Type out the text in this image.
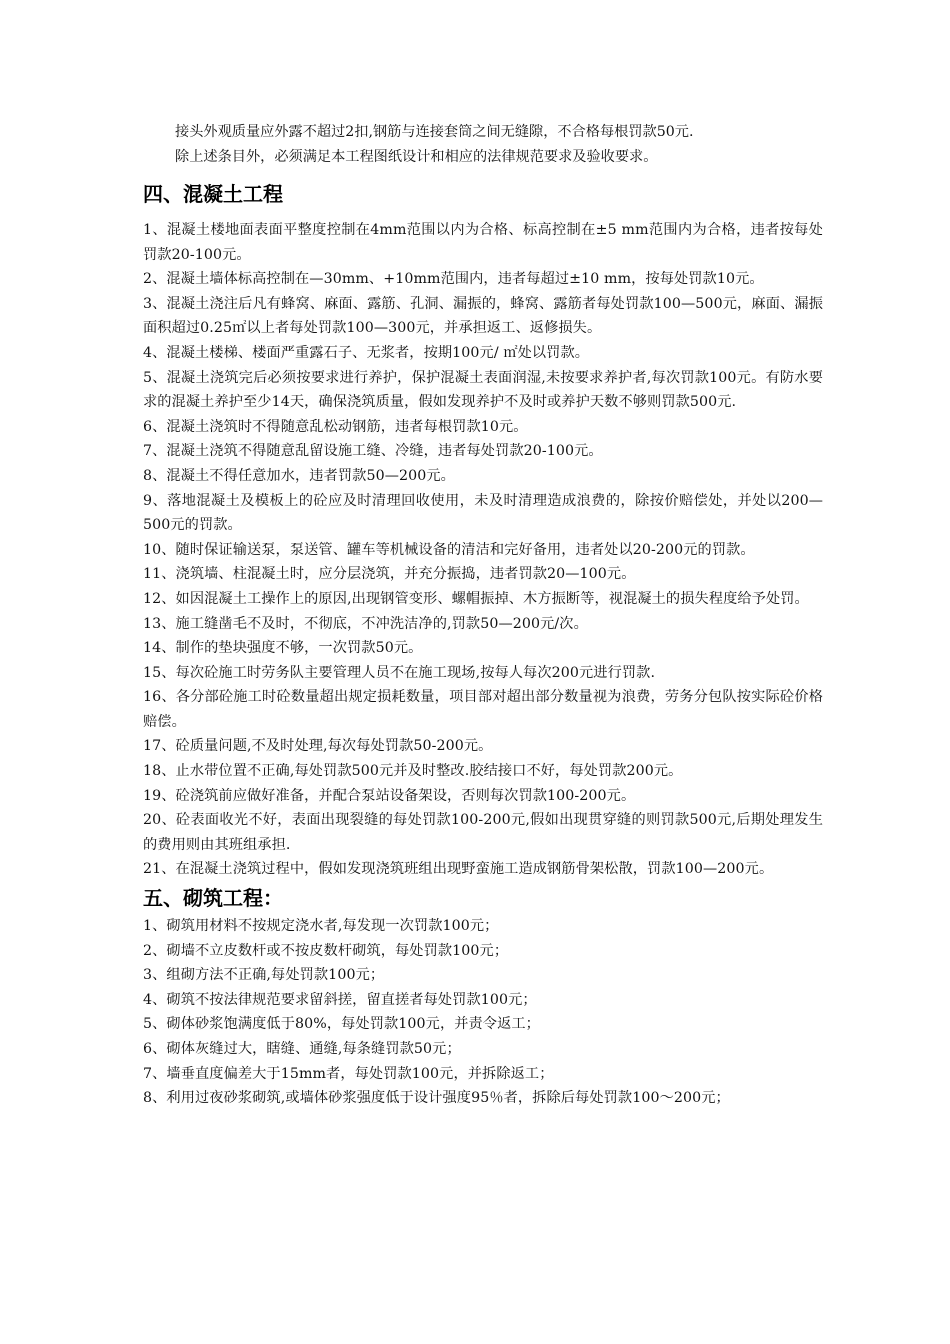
接头外观质量应外露不超过2扣,钢筋与连接套筒之间无缝隙，不合格每根罚款50元.

除上述条目外，必须满足本工程图纸设计和相应的法律规范要求及验收要求。

四、混凝土工程

1、混凝土楼地面表面平整度控制在4mm范围以内为合格、标高控制在±5 mm范围内为合格，违者按每处罚款20-100元。

2、混凝土墙体标高控制在—30mm、+10mm范围内，违者每超过±10 mm，按每处罚款10元。

3、混凝土浇注后凡有蜂窝、麻面、露筋、孔洞、漏振的，蜂窝、露筋者每处罚款100—500元，麻面、漏振面积超过0.25㎡以上者每处罚款100—300元，并承担返工、返修损失。

4、混凝土楼梯、楼面严重露石子、无浆者，按期100元/ ㎡处以罚款。

5、混凝土浇筑完后必须按要求进行养护，保护混凝土表面润湿,未按要求养护者,每次罚款100元。有防水要求的混凝土养护至少14天，确保浇筑质量，假如发现养护不及时或养护天数不够则罚款500元.

6、混凝土浇筑时不得随意乱松动钢筋，违者每根罚款10元。

7、混凝土浇筑不得随意乱留设施工缝、冷缝，违者每处罚款20-100元。

8、混凝土不得任意加水，违者罚款50—200元。

9、落地混凝土及模板上的砼应及时清理回收使用，未及时清理造成浪费的，除按价赔偿处，并处以200—500元的罚款。

10、随时保证输送泵，泵送管、罐车等机械设备的清洁和完好备用，违者处以20-200元的罚款。

11、浇筑墙、柱混凝土时，应分层浇筑，并充分振捣，违者罚款20—100元。

12、如因混凝土工操作上的原因,出现钢管变形、螺帽振掉、木方振断等，视混凝土的损失程度给予处罚。

13、施工缝凿毛不及时，不彻底，不冲洗洁净的,罚款50—200元/次。

14、制作的垫块强度不够，一次罚款50元。

15、每次砼施工时劳务队主要管理人员不在施工现场,按每人每次200元进行罚款.

16、各分部砼施工时砼数量超出规定损耗数量，项目部对超出部分数量视为浪费，劳务分包队按实际砼价格赔偿。

17、砼质量问题,不及时处理,每次每处罚款50-200元。

18、止水带位置不正确,每处罚款500元并及时整改.胶结接口不好，每处罚款200元。

19、砼浇筑前应做好准备，并配合泵站设备架设，否则每次罚款100-200元。

20、砼表面收光不好，表面出现裂缝的每处罚款100-200元,假如出现贯穿缝的则罚款500元,后期处理发生的费用则由其班组承担.

21、在混凝土浇筑过程中，假如发现浇筑班组出现野蛮施工造成钢筋骨架松散，罚款100—200元。

五、砌筑工程：

1、砌筑用材料不按规定浇水者,每发现一次罚款100元；

2、砌墙不立皮数杆或不按皮数杆砌筑，每处罚款100元；

3、组砌方法不正确,每处罚款100元；

4、砌筑不按法律规范要求留斜搓，留直搓者每处罚款100元；

5、砌体砂浆饱满度低于80%，每处罚款100元，并责令返工；

6、砌体灰缝过大，瞎缝、通缝,每条缝罚款50元；

7、墙垂直度偏差大于15mm者，每处罚款100元，并拆除返工；

8、利用过夜砂浆砌筑,或墙体砂浆强度低于设计强度95％者，拆除后每处罚款100～200元；
